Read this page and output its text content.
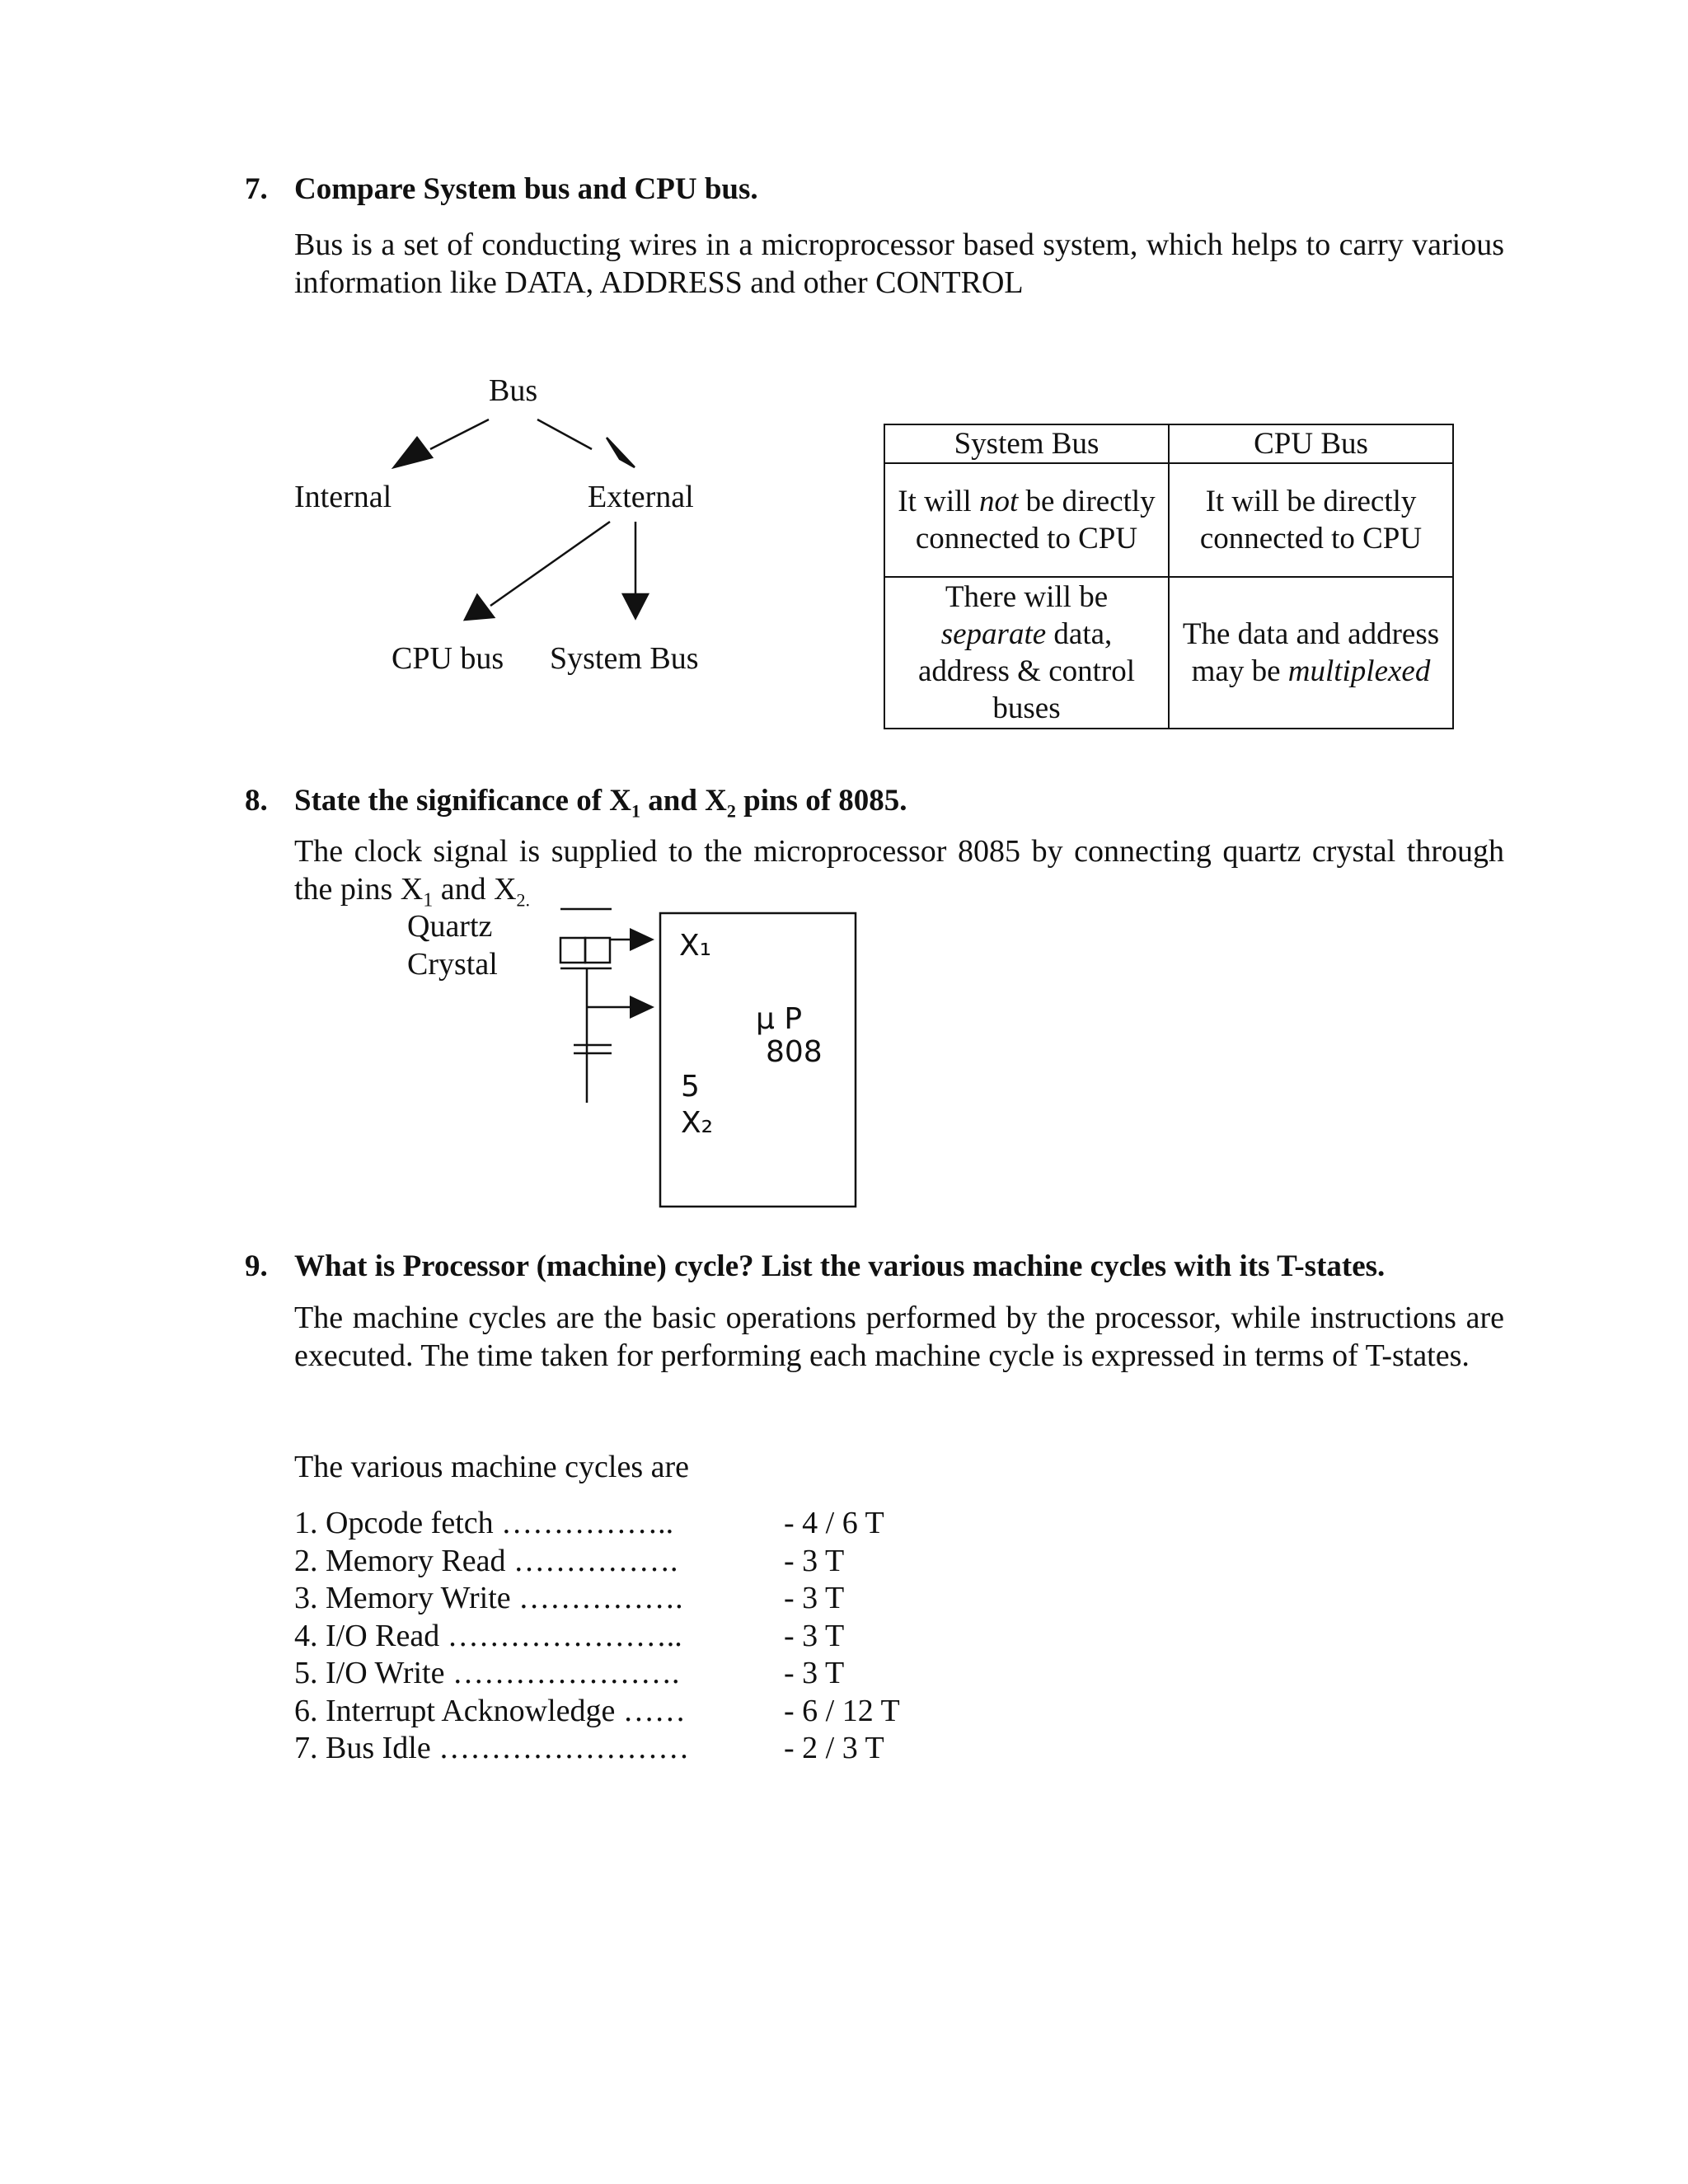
7. Compare System bus and CPU bus.
Bus is a set of conducting wires in a microprocessor based system, which helps to carry various information like DATA, ADDRESS and other CONTROL
Bus
Internal	External
CPU bus System Bus
System Bus	CPU Bus
It will not be directly connected to CPU	It will be directly connected to CPU
There will be separate data, address & control buses	The data and address may be multiplexed
8. State the significance of $X_1$ and $X_2$ pins of 8085.
The clock signal is supplied to the microprocessor 8085 by connecting quartz crystal through the pins $X_1$ and $X_{2.}$
Quartz
Crystal
X₁
µ P
808
5
X₂
9. What is Processor (machine) cycle? List the various machine cycles with its T-states.
The machine cycles are the basic operations performed by the processor, while instructions are executed. The time taken for performing each machine cycle is expressed in terms of T-states.
The various machine cycles are
1. Opcode fetch ……………..	- 4 / 6 T
2. Memory Read …………….	- 3 T
3. Memory Write …………….	- 3 T
4. I/O Read …………………..	- 3 T
5. I/O Write ………………….	- 3 T
6. Interrupt Acknowledge ……	- 6 / 12 T
7. Bus Idle ……………………	- 2 / 3 T
